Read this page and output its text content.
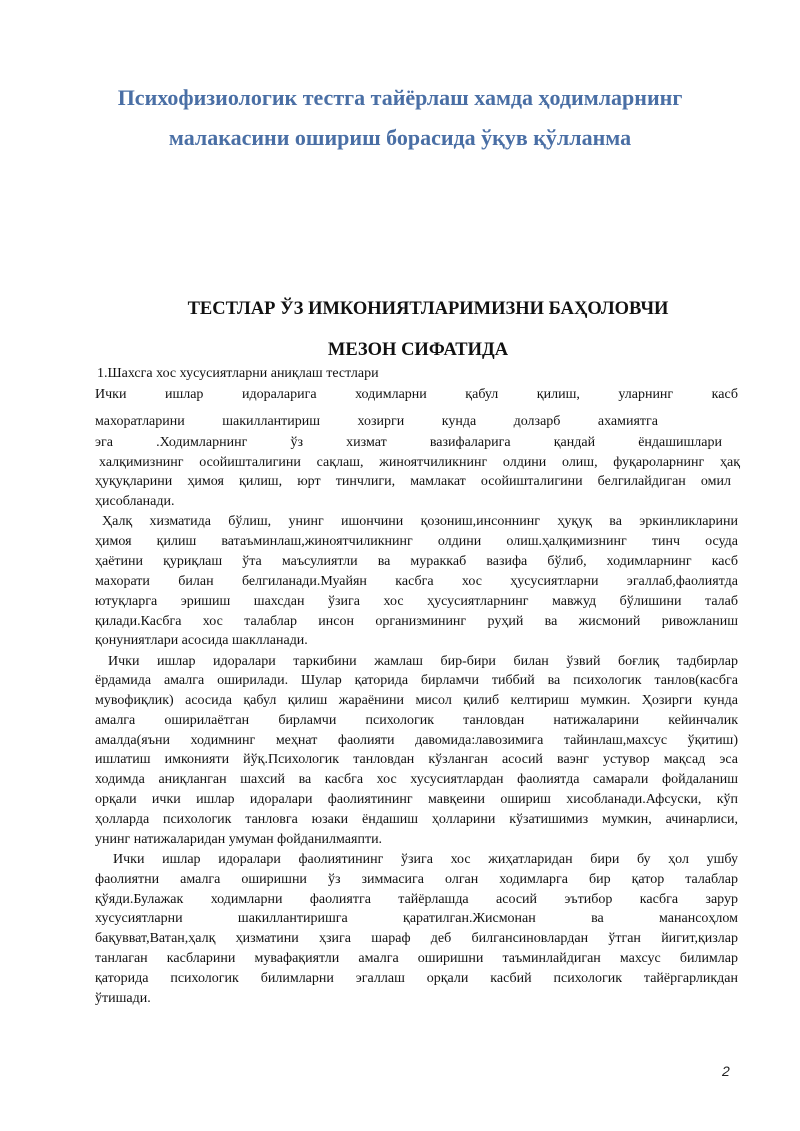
Психофизиологик тестга тайёрлаш хамда ҳодимларнинг
малакасини ошириш борасида ўқув қўлланма
ТЕСТЛАР ЎЗ ИМКОНИЯТЛАРИМИЗНИ БАҲОЛОВЧИ
МЕЗОН СИФАТИДА
1.Шахсга хос хусусиятларни аниқлаш тестлари
Ички ишлар идораларига ходимларни қабул қилиш, уларнинг касб
махоратларини шакиллантириш хозирги кунда долзарб ахамиятга
эга .Ходимларнинг ўз хизмат вазифаларига қандай ёндашишлари
халқимизнинг осойишталигини сақлаш, жиноятчиликнинг олдини олиш, фуқароларнинг ҳақ
ҳуқуқларини ҳимоя қилиш, юрт тинчлиги, мамлакат осойишталигини белгилайдиган омил
ҳисобланади.
Ҳалқ хизматида бўлиш, унинг ишончини қозониш,инсоннинг ҳуқуқ ва эркинликларини
ҳимоя қилиш ватаъминлаш,жиноятчиликнинг олдини олиш.ҳалқимизнинг тинч осуда
ҳаётини қуриқлаш ўта маъсулиятли ва мураккаб вазифа бўлиб, ходимларнинг касб
махорати билан белгиланади.Муайян касбга хос ҳусусиятларни эгаллаб,фаолиятда
ютуқларга эришиш шахсдан ўзига хос ҳусусиятларнинг мавжуд бўлишини талаб
қилади.Касбга хос талаблар инсон организмининг руҳий ва жисмоний ривожланиш
қонуниятлари асосида шаклланади.
Ички ишлар идоралари таркибини жамлаш бир-бири билан ўзвий боғлиқ тадбирлар
ёрдамида амалга оширилади. Шулар қаторида бирламчи тиббий ва психологик танлов(касбга
мувофиқлик) асосида қабул қилиш жараёнини мисол қилиб келтириш мумкин. Ҳозирги кунда
амалга оширилаётган бирламчи психологик танловдан натижаларини кейинчалик
амалда(яъни ходимнинг меҳнат фаолияти давомида:лавозимига тайинлаш,махсус ўқитиш)
ишлатиш имконияти йўқ.Психологик танловдан кўзланган асосий ваэнг устувор мақсад эса
ходимда аниқланган шахсий ва касбга хос хусусиятлардан фаолиятда самарали фойдаланиш
орқали ички ишлар идоралари фаолиятининг мавқеини ошириш хисобланади.Афсуски, кўп
ҳолларда психологик танловга юзаки ёндашиш ҳолларини кўзатишимиз мумкин, ачинарлиси,
унинг натижаларидан умуман фойданилмаяпти.
Ички ишлар идоралари фаолиятининг ўзига хос жиҳатларидан бири бу ҳол ушбу
фаолиятни амалга оширишни ўз зиммасига олган ходимларга бир қатор талаблар
қўяди.Булажак ходимларни фаолиятга тайёрлашда асосий эътибор касбга зарур
хусусиятларни шакиллантиришга қаратилган.Жисмонан ва манансоҳлом
бақувват,Ватан,ҳалқ ҳизматини ҳзига шараф деб билгансиновлардан ўтган йигит,қизлар
танлаган касбларини мувафақиятли амалга оширишни таъминлайдиган махсус билимлар
қаторида психологик билимларни эгаллаш орқали касбий психологик тайёргарликдан
ўтишади.
2
